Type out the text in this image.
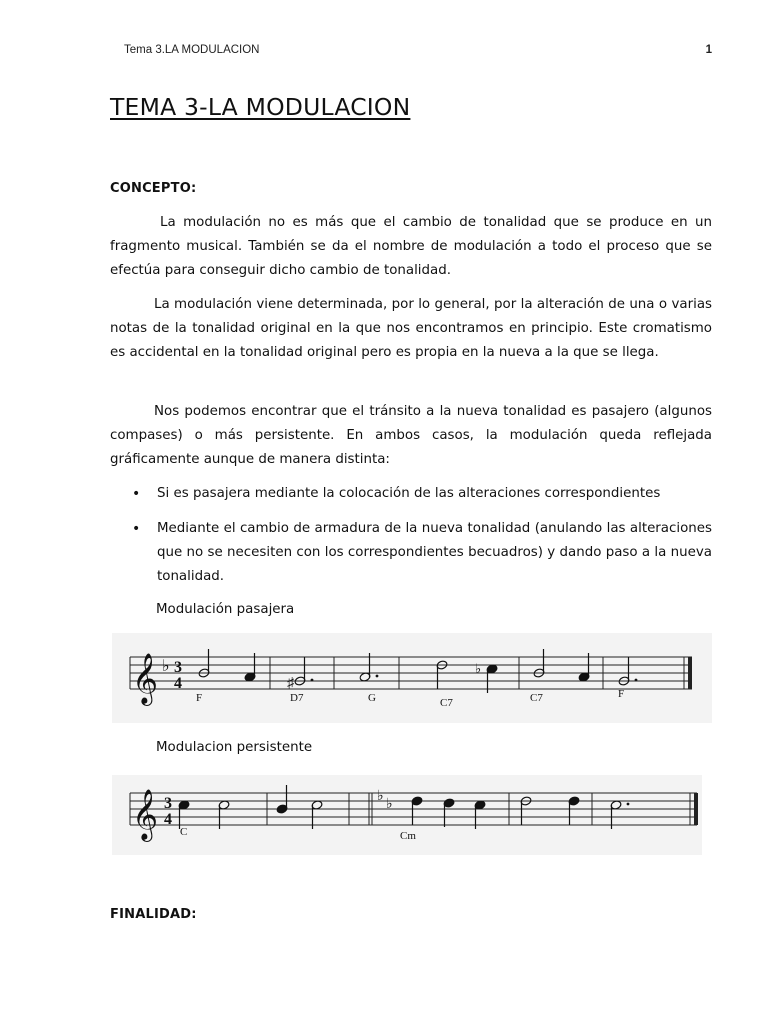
Tema 3.LA MODULACION	1
TEMA 3-LA MODULACION
CONCEPTO:

La modulación no es más que el cambio de tonalidad que se produce en un fragmento musical. También se da el nombre de modulación a todo el proceso que se efectúa para conseguir dicho cambio de tonalidad.

La modulación viene determinada, por lo general, por la alteración de una o varias notas de la tonalidad original en la que nos encontramos en principio. Este cromatismo es accidental en la tonalidad original pero es propia en la nueva a la que se llega.

Nos podemos encontrar que el tránsito a la nueva tonalidad es pasajero (algunos compases) o más persistente. En ambos casos, la modulación queda reflejada gráficamente aunque de manera distinta:

• Si es pasajera mediante la colocación de las alteraciones correspondientes
• Mediante el cambio de armadura de la nueva tonalidad (anulando las alteraciones que no se necesiten con los correspondientes becuadros) y dando paso a la nueva tonalidad.
Modulación pasajera
𝄞 ♭ 3
4	♯
♭
F	D7	G	C7	C7	F
Modulacion persistente
𝄞 3
4
♭
♭
C	Cm
FINALIDAD:
